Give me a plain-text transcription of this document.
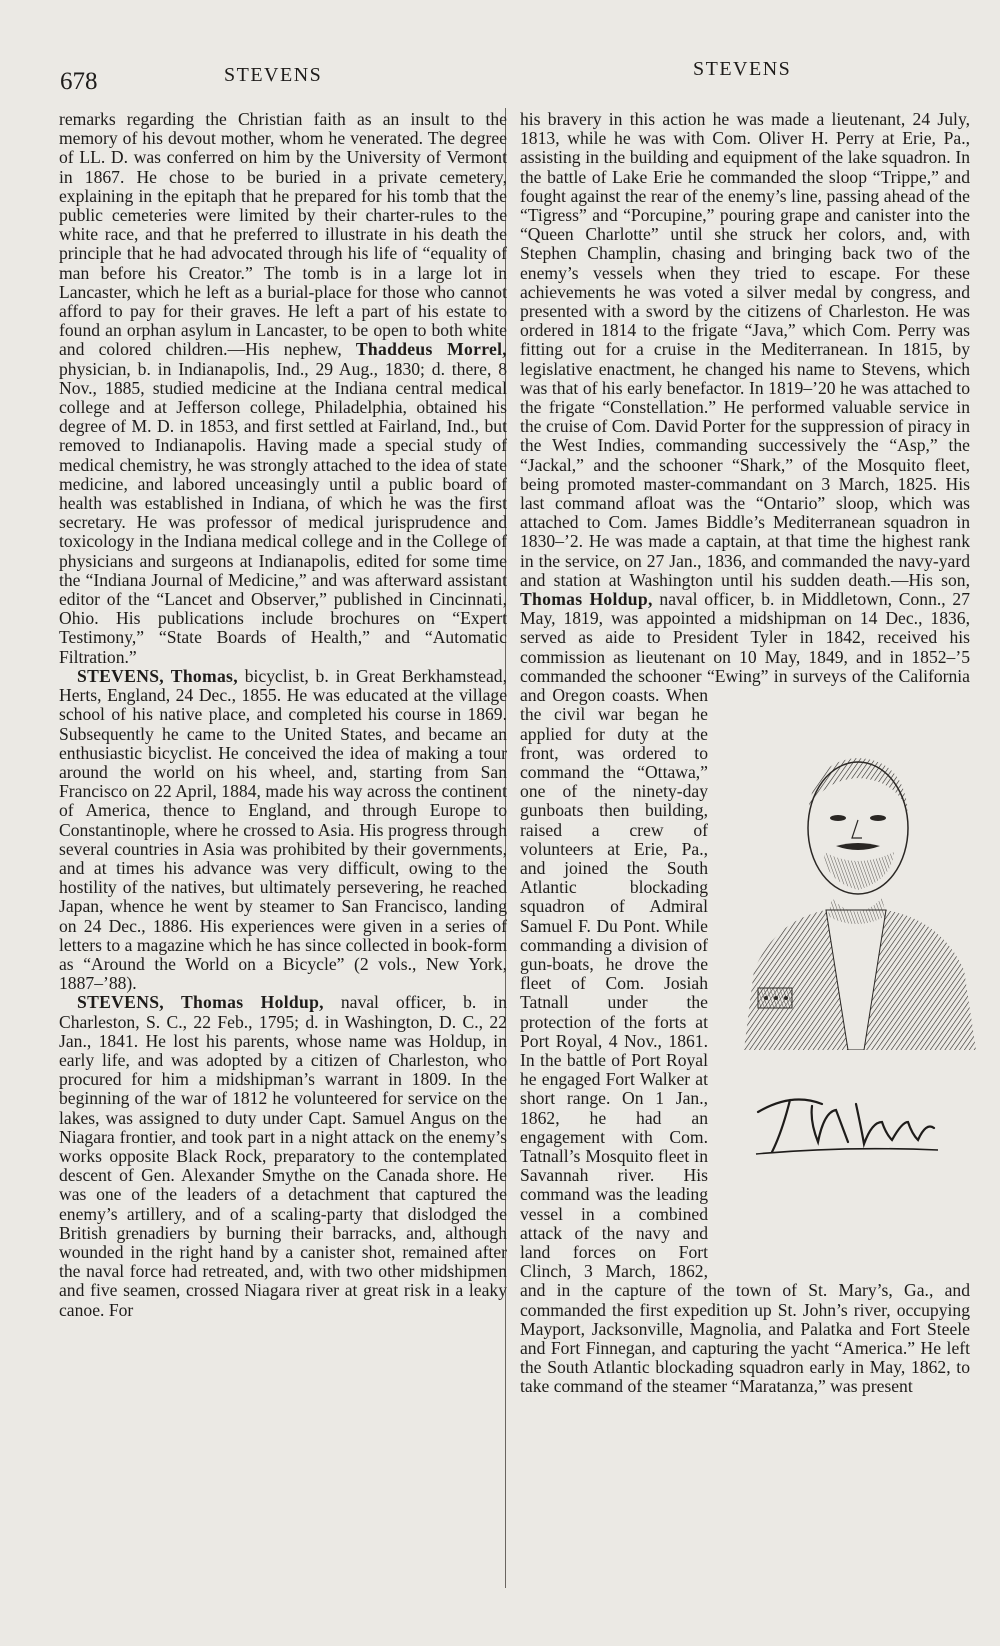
678	STEVENS	STEVENS

remarks regarding the Christian faith as an insult to the memory of his devout mother, whom he venerated. The degree of LL. D. was conferred on him by the University of Vermont in 1867. He chose to be buried in a private cemetery, explaining in the epitaph that he prepared for his tomb that the public cemeteries were limited by their charter-rules to the white race, and that he preferred to illustrate in his death the principle that he had advocated through his life of “equality of man before his Creator.” The tomb is in a large lot in Lancaster, which he left as a burial-place for those who cannot afford to pay for their graves. He left a part of his estate to found an orphan asylum in Lancaster, to be open to both white and colored children.—His nephew, Thaddeus Morrel, physician, b. in Indianapolis, Ind., 29 Aug., 1830; d. there, 8 Nov., 1885, studied medicine at the Indiana central medical college and at Jefferson college, Philadelphia, obtained his degree of M. D. in 1853, and first settled at Fairland, Ind., but removed to Indianapolis. Having made a special study of medical chemistry, he was strongly attached to the idea of state medicine, and labored unceasingly until a public board of health was established in Indiana, of which he was the first secretary. He was professor of medical jurisprudence and toxicology in the Indiana medical college and in the College of physicians and surgeons at Indianapolis, edited for some time the “Indiana Journal of Medicine,” and was afterward assistant editor of the “Lancet and Observer,” published in Cincinnati, Ohio. His publications include brochures on “Expert Testimony,” “State Boards of Health,” and “Automatic Filtration.”

STEVENS, Thomas, bicyclist, b. in Great Berkhamstead, Herts, England, 24 Dec., 1855. He was educated at the village school of his native place, and completed his course in 1869. Subsequently he came to the United States, and became an enthusiastic bicyclist. He conceived the idea of making a tour around the world on his wheel, and, starting from San Francisco on 22 April, 1884, made his way across the continent of America, thence to England, and through Europe to Constantinople, where he crossed to Asia. His progress through several countries in Asia was prohibited by their governments, and at times his advance was very difficult, owing to the hostility of the natives, but ultimately persevering, he reached Japan, whence he went by steamer to San Francisco, landing on 24 Dec., 1886. His experiences were given in a series of letters to a magazine which he has since collected in book-form as “Around the World on a Bicycle” (2 vols., New York, 1887–’88).

STEVENS, Thomas Holdup, naval officer, b. in Charleston, S. C., 22 Feb., 1795; d. in Washington, D. C., 22 Jan., 1841. He lost his parents, whose name was Holdup, in early life, and was adopted by a citizen of Charleston, who procured for him a midshipman’s warrant in 1809. In the beginning of the war of 1812 he volunteered for service on the lakes, was assigned to duty under Capt. Samuel Angus on the Niagara frontier, and took part in a night attack on the enemy’s works opposite Black Rock, preparatory to the contemplated descent of Gen. Alexander Smythe on the Canada shore. He was one of the leaders of a detachment that captured the enemy’s artillery, and of a scaling-party that dislodged the British grenadiers by burning their barracks, and, although wounded in the right hand by a canister shot, remained after the naval force had retreated, and, with two other midshipmen and five seamen, crossed Niagara river at great risk in a leaky canoe. For

his bravery in this action he was made a lieutenant, 24 July, 1813, while he was with Com. Oliver H. Perry at Erie, Pa., assisting in the building and equipment of the lake squadron. In the battle of Lake Erie he commanded the sloop “Trippe,” and fought against the rear of the enemy’s line, passing ahead of the “Tigress” and “Porcupine,” pouring grape and canister into the “Queen Charlotte” until she struck her colors, and, with Stephen Champlin, chasing and bringing back two of the enemy’s vessels when they tried to escape. For these achievements he was voted a silver medal by congress, and presented with a sword by the citizens of Charleston. He was ordered in 1814 to the frigate “Java,” which Com. Perry was fitting out for a cruise in the Mediterranean. In 1815, by legislative enactment, he changed his name to Stevens, which was that of his early benefactor. In 1819–’20 he was attached to the frigate “Constellation.” He performed valuable service in the cruise of Com. David Porter for the suppression of piracy in the West Indies, commanding successively the “Asp,” the “Jackal,” and the schooner “Shark,” of the Mosquito fleet, being promoted master-commandant on 3 March, 1825. His last command afloat was the “Ontario” sloop, which was attached to Com. James Biddle’s Mediterranean squadron in 1830–’2. He was made a captain, at that time the highest rank in the service, on 27 Jan., 1836, and commanded the navy-yard and station at Washington until his sudden death.—His son, Thomas Holdup, naval officer, b. in Middletown, Conn., 27 May, 1819, was appointed a midshipman on 14 Dec., 1836, served as aide to President Tyler in 1842, received his commission as lieutenant on 10 May, 1849, and in 1852–’5 commanded the schooner “Ewing” in surveys of the California and Oregon coasts. When
the civil war began he applied for duty at the front, was ordered to command the “Ottawa,” one of the ninety-day gunboats then building, raised a crew of volunteers at Erie, Pa., and joined the South Atlantic blockading squadron of Admiral Samuel F. Du Pont. While commanding a division of gun-boats, he drove the fleet of Com. Josiah Tatnall under the protection of the forts at Port Royal, 4 Nov., 1861. In the battle of Port Royal he engaged Fort Walker at short range. On 1 Jan., 1862, he had an engagement with Com. Tatnall’s Mosquito fleet in Savannah river. His command was the leading vessel in a combined attack of the navy and land forces on Fort Clinch, 3 March, 1862, and in the capture of the town of St. Mary’s, Ga., and commanded the first expedition up St. John’s river, occupying Mayport, Jacksonville, Magnolia, and Palatka and Fort Steele and Fort Finnegan, and capturing the yacht “America.” He left the South Atlantic blockading squadron early in May, 1862, to take command of the steamer “Maratanza,” was present
